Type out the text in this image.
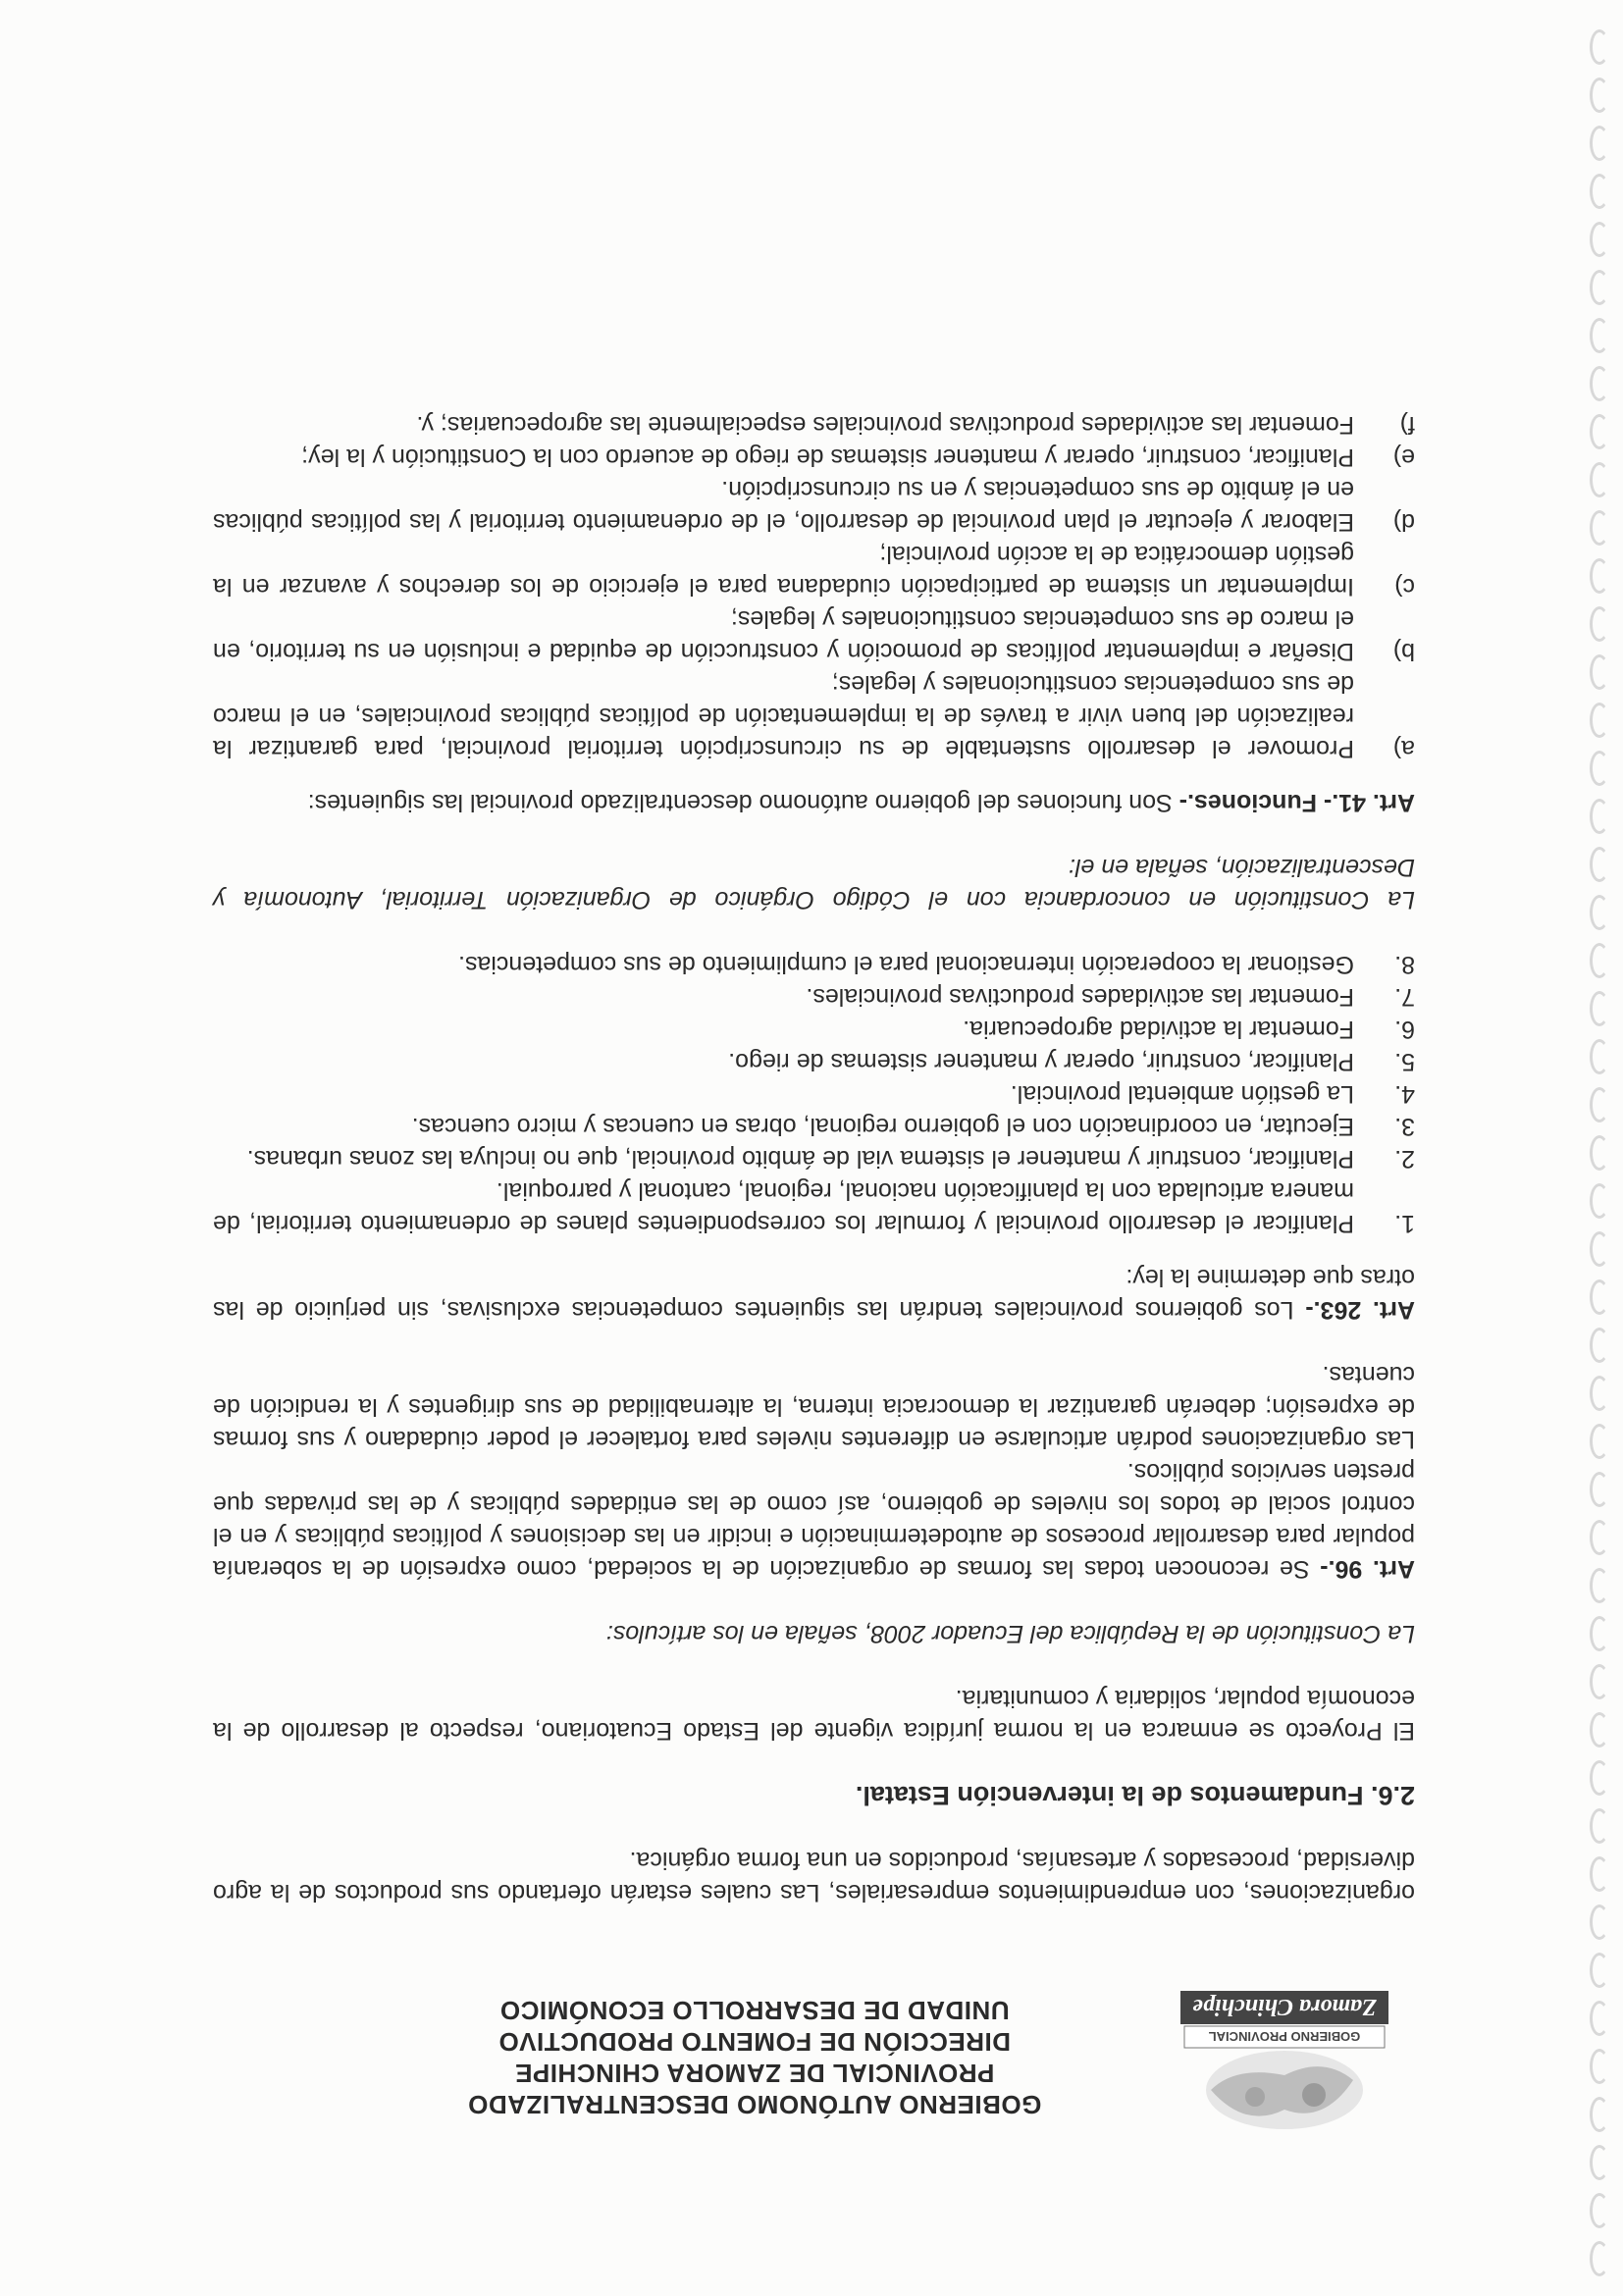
GOBIERNO PROVINCIAL
Zamora Chinchipe
GOBIERNO AUTÓNOMO DESCENTRALIZADO
PROVINCIAL DE ZAMORA CHINCHIPE
DIRECCIÓN DE FOMENTO PRODUCTIVO
UNIDAD DE DESARROLLO ECONÓMICO

organizaciones, con emprendimientos empresariales, Las cuales estarán ofertando sus productos de la agro diversidad, procesados y artesanías, producidos en una forma orgánica.

2.6. Fundamentos de la intervención Estatal.

El Proyecto se enmarca en la norma jurídica vigente del Estado Ecuatoriano, respecto al desarrollo de la economía popular, solidaria y comunitaria.

La Constitución de la República del Ecuador 2008, señala en los artículos:

Art. 96.- Se reconocen todas las formas de organización de la sociedad, como expresión de la soberanía popular para desarrollar procesos de autodeterminación e incidir en las decisiones y políticas públicas y en el control social de todos los niveles de gobierno, así como de las entidades públicas y de las privadas que presten servicios públicos.

Las organizaciones podrán articularse en diferentes niveles para fortalecer el poder ciudadano y sus formas de expresión; deberán garantizar la democracia interna, la alternabilidad de sus dirigentes y la rendición de cuentas.

Art. 263.- Los gobiernos provinciales tendrán las siguientes competencias exclusivas, sin perjuicio de las otras que determine la ley:

1.
Planificar el desarrollo provincial y formular los correspondientes planes de ordenamiento territorial, de manera articulada con la planificación nacional, regional, cantonal y parroquial.
2.
Planificar, construir y mantener el sistema vial de ámbito provincial, que no incluya las zonas urbanas.
3.
Ejecutar, en coordinación con el gobierno regional, obras en cuencas y micro cuencas.
4.
La gestión ambiental provincial.
5.
Planificar, construir, operar y mantener sistemas de riego.
6.
Fomentar la actividad agropecuaria.
7.
Fomentar las actividades productivas provinciales.
8.
Gestionar la cooperación internacional para el cumplimiento de sus competencias.

La Constitución en concordancia con el Código Orgánico de Organización Territorial, Autonomía y Descentralización, señala en el:

Art. 41.- Funciones.- Son funciones del gobierno autónomo descentralizado provincial las siguientes:

a)
Promover el desarrollo sustentable de su circunscripción territorial provincial, para garantizar la realización del buen vivir a través de la implementación de políticas públicas provinciales, en el marco de sus competencias constitucionales y legales;
b)
Diseñar e implementar políticas de promoción y construcción de equidad e inclusión en su territorio, en el marco de sus competencias constitucionales y legales;
c)
Implementar un sistema de participación ciudadana para el ejercicio de los derechos y avanzar en la gestión democrática de la acción provincial;
d)
Elaborar y ejecutar el plan provincial de desarrollo, el de ordenamiento territorial y las políticas públicas en el ámbito de sus competencias y en su circunscripción.
e)
Planificar, construir, operar y mantener sistemas de riego de acuerdo con la Constitución y la ley;
f)
Fomentar las actividades productivas provinciales especialmente las agropecuarias; y.
